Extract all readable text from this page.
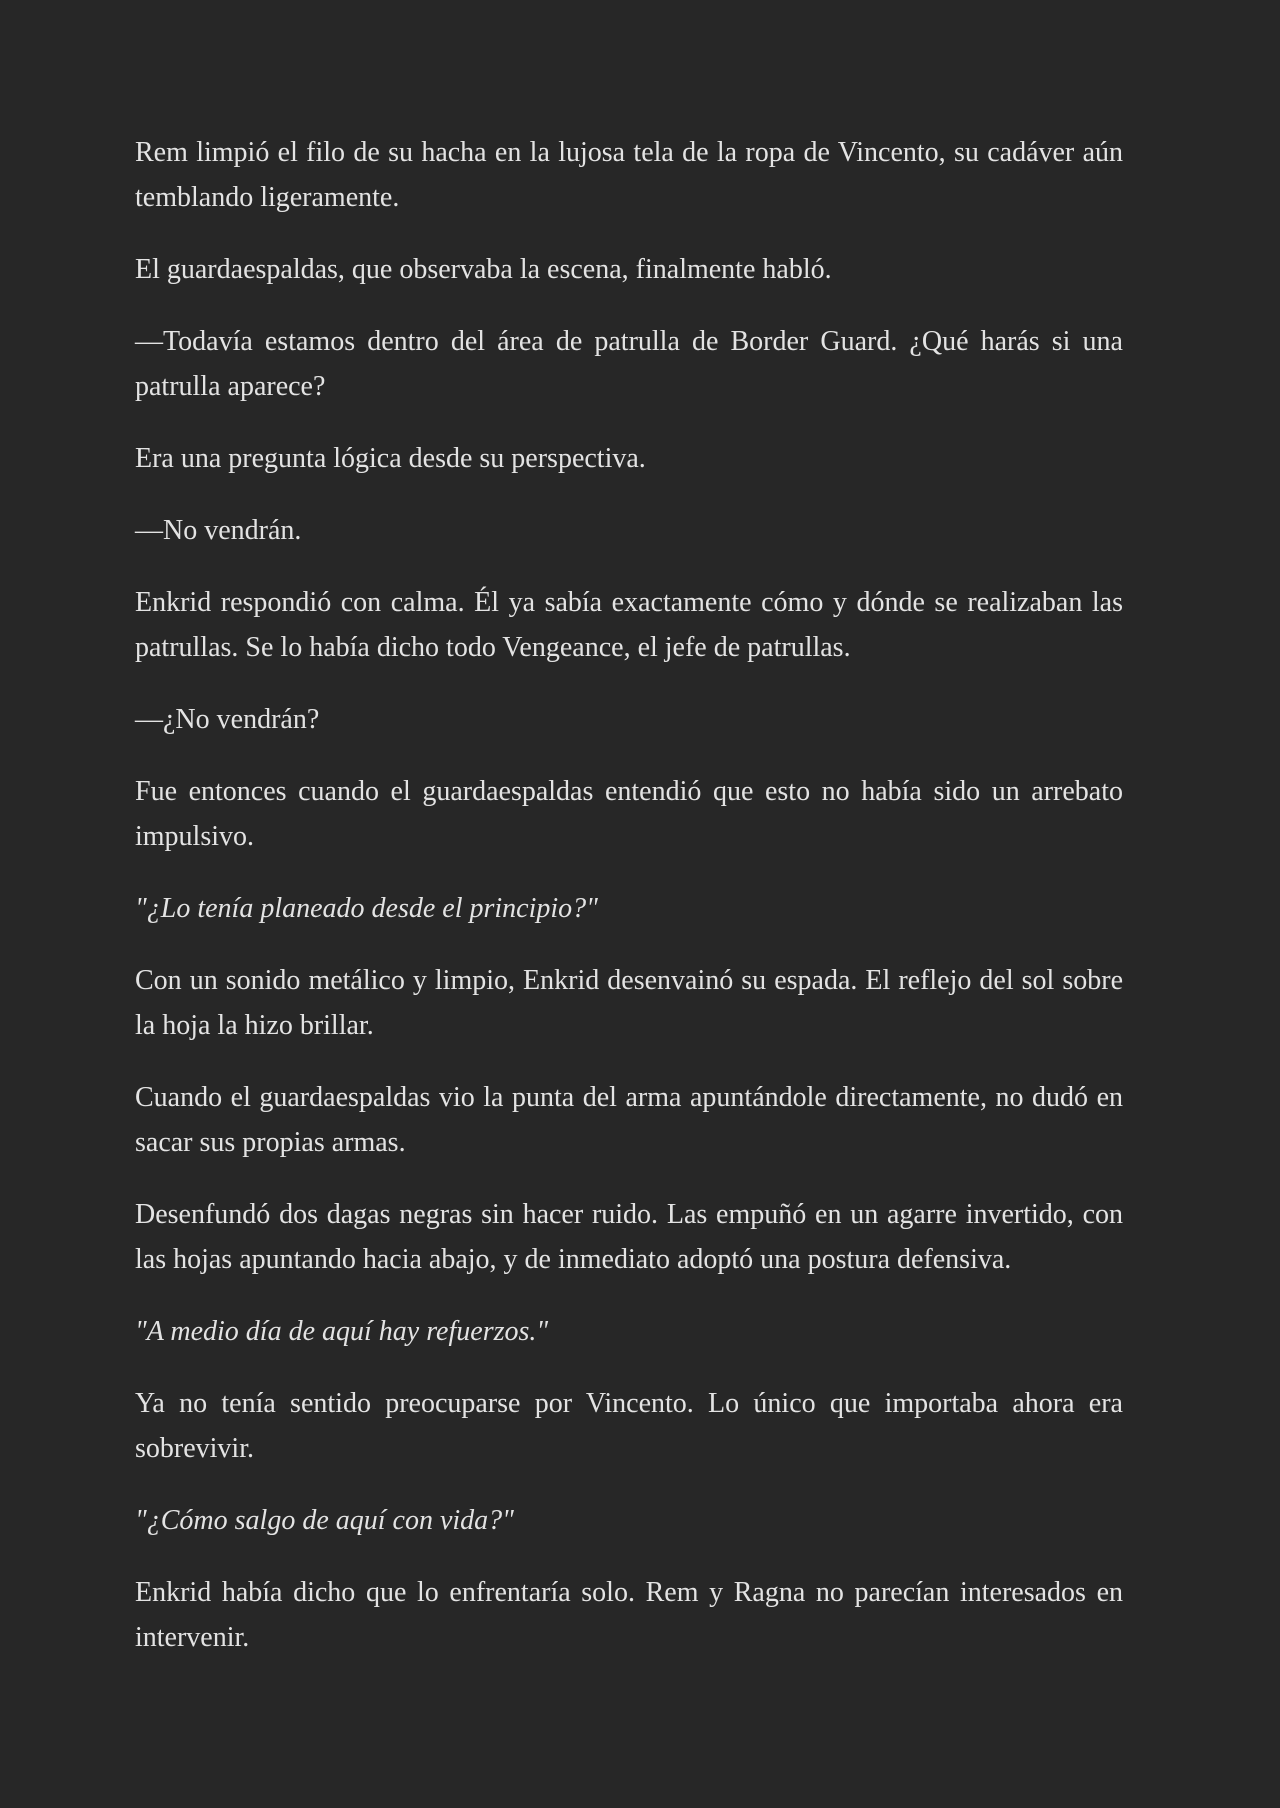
Rem limpió el filo de su hacha en la lujosa tela de la ropa de Vincento, su cadáver aún temblando ligeramente.

El guardaespaldas, que observaba la escena, finalmente habló.

—Todavía estamos dentro del área de patrulla de Border Guard. ¿Qué harás si una patrulla aparece?

Era una pregunta lógica desde su perspectiva.

—No vendrán.

Enkrid respondió con calma. Él ya sabía exactamente cómo y dónde se realizaban las patrullas. Se lo había dicho todo Vengeance, el jefe de patrullas.

—¿No vendrán?

Fue entonces cuando el guardaespaldas entendió que esto no había sido un arrebato impulsivo.

"¿Lo tenía planeado desde el principio?"

Con un sonido metálico y limpio, Enkrid desenvainó su espada. El reflejo del sol sobre la hoja la hizo brillar.

Cuando el guardaespaldas vio la punta del arma apuntándole directamente, no dudó en sacar sus propias armas.

Desenfundó dos dagas negras sin hacer ruido. Las empuñó en un agarre invertido, con las hojas apuntando hacia abajo, y de inmediato adoptó una postura defensiva.

"A medio día de aquí hay refuerzos."

Ya no tenía sentido preocuparse por Vincento. Lo único que importaba ahora era sobrevivir.

"¿Cómo salgo de aquí con vida?"

Enkrid había dicho que lo enfrentaría solo. Rem y Ragna no parecían interesados en intervenir.
